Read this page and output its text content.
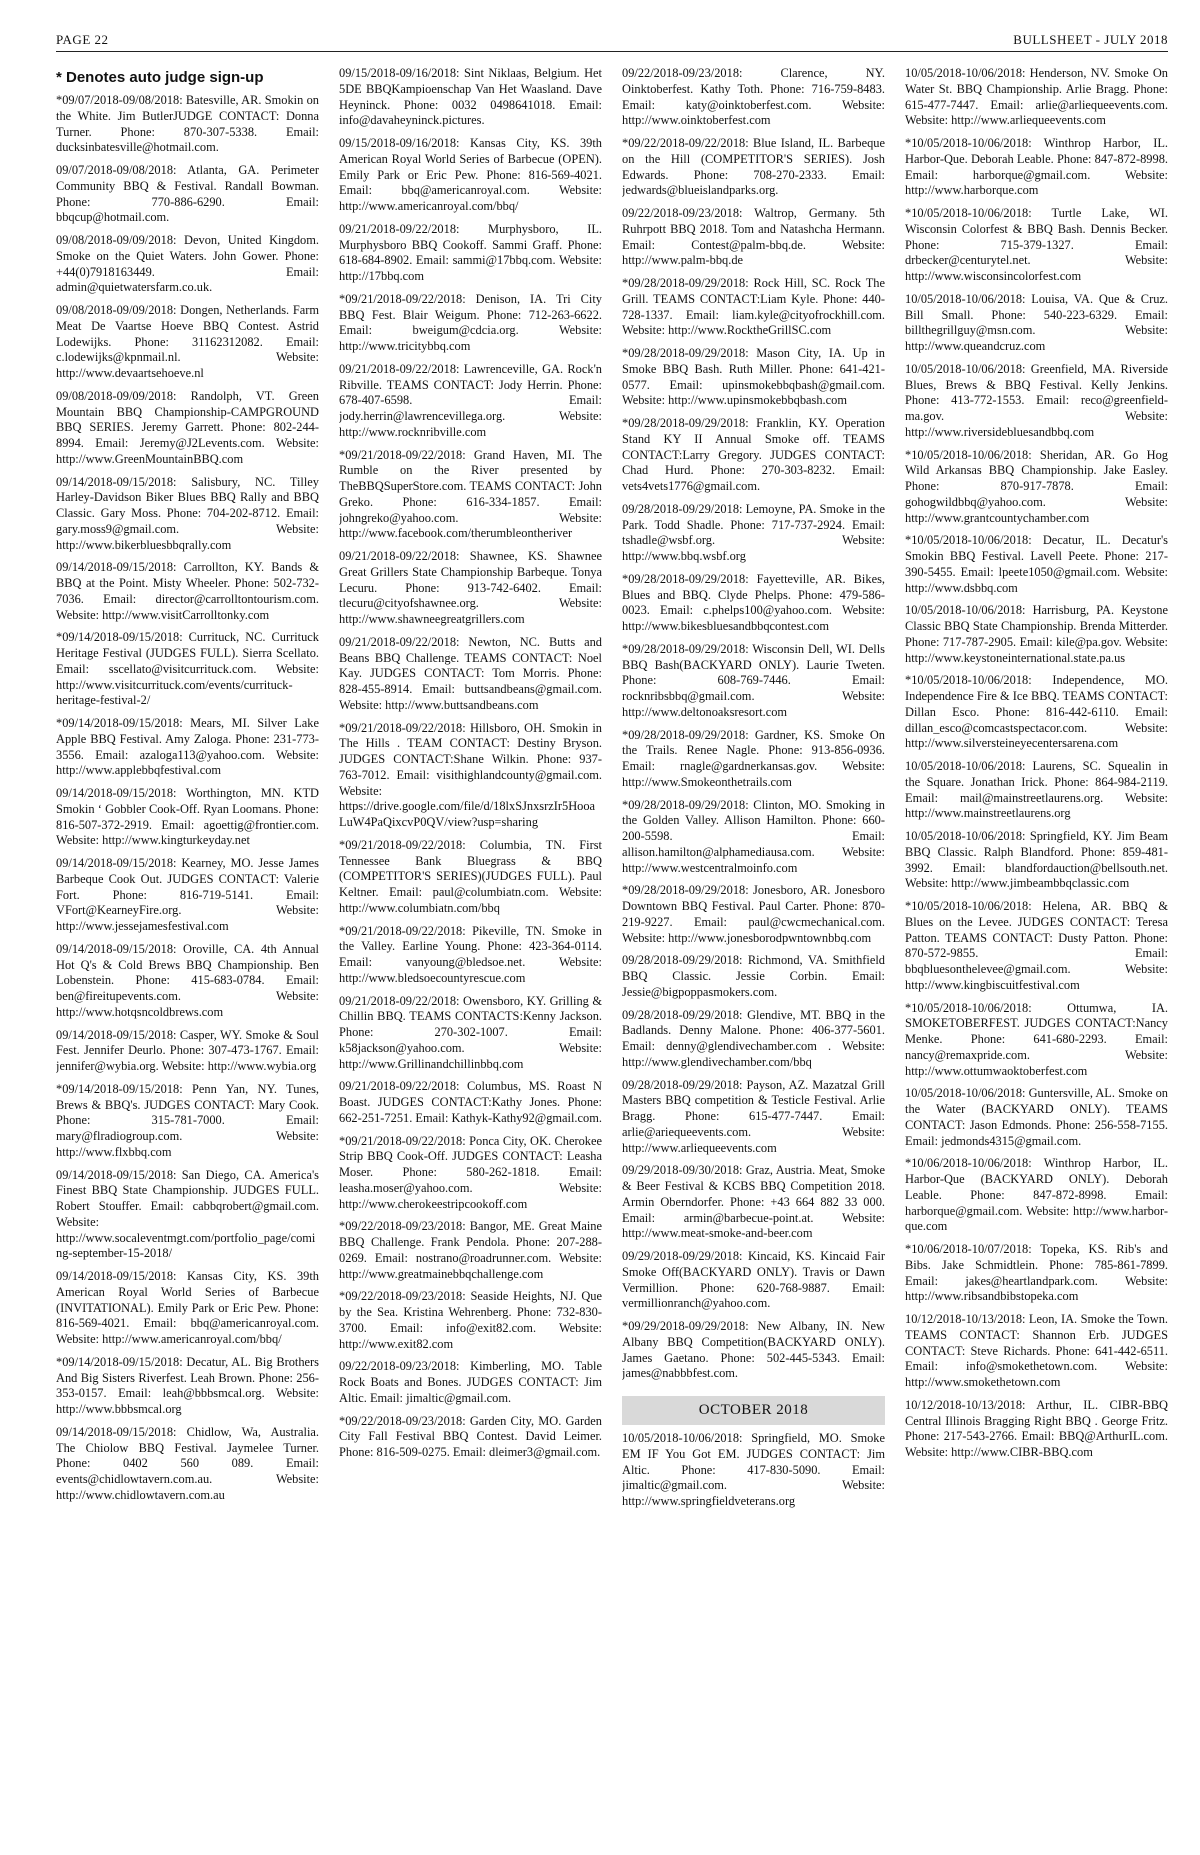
PAGE 22	BULLSHEET - JULY 2018
* Denotes auto judge sign-up

*09/07/2018-09/08/2018: Batesville, AR. Smokin on the White. Jim ButlerJUDGE CONTACT: Donna Turner. Phone: 870-307-5338. Email: ducksinbatesville@hotmail.com.

09/07/2018-09/08/2018: Atlanta, GA. Perimeter Community BBQ & Festival. Randall Bowman. Phone: 770-886-6290. Email: bbqcup@hotmail.com.

09/08/2018-09/09/2018: Devon, United Kingdom. Smoke on the Quiet Waters. John Gower. Phone: +44(0)7918163449. Email: admin@quietwatersfarm.co.uk.

09/08/2018-09/09/2018: Dongen, Netherlands. Farm Meat De Vaartse Hoeve BBQ Contest. Astrid Lodewijks. Phone: 31162312082. Email: c.lodewijks@kpnmail.nl. Website: http://www.devaartsehoeve.nl

09/08/2018-09/09/2018: Randolph, VT. Green Mountain BBQ Championship-CAMPGROUND BBQ SERIES. Jeremy Garrett. Phone: 802-244-8994. Email: Jeremy@J2Levents.com. Website: http://www.GreenMountainBBQ.com

09/14/2018-09/15/2018: Salisbury, NC. Tilley Harley-Davidson Biker Blues BBQ Rally and BBQ Classic. Gary Moss. Phone: 704-202-8712. Email: gary.moss9@gmail.com. Website: http://www.bikerbluesbbqrally.com

09/14/2018-09/15/2018: Carrollton, KY. Bands & BBQ at the Point. Misty Wheeler. Phone: 502-732-7036. Email: director@carrolltontourism.com. Website: http://www.visitCarrolltonky.com

*09/14/2018-09/15/2018: Currituck, NC. Currituck Heritage Festival (JUDGES FULL). Sierra Scellato. Email: sscellato@visitcurrituck.com. Website: http://www.visitcurrituck.com/events/currituck-heritage-festival-2/

*09/14/2018-09/15/2018: Mears, MI. Silver Lake Apple BBQ Festival. Amy Zaloga. Phone: 231-773-3556. Email: azaloga113@yahoo.com. Website: http://www.applebbqfestival.com

09/14/2018-09/15/2018: Worthington, MN. KTD Smokin ‘ Gobbler Cook-Off. Ryan Loomans. Phone: 816-507-372-2919. Email: agoettig@frontier.com. Website: http://www.kingturkeyday.net

09/14/2018-09/15/2018: Kearney, MO. Jesse James Barbeque Cook Out. JUDGES CONTACT: Valerie Fort. Phone: 816-719-5141. Email: VFort@KearneyFire.org. Website: http://www.jessejamesfestival.com

09/14/2018-09/15/2018: Oroville, CA. 4th Annual Hot Q's & Cold Brews BBQ Championship. Ben Lobenstein. Phone: 415-683-0784. Email: ben@fireitupevents.com. Website: http://www.hotqsncoldbrews.com

09/14/2018-09/15/2018: Casper, WY. Smoke & Soul Fest. Jennifer Deurlo. Phone: 307-473-1767. Email: jennifer@wybia.org. Website: http://www.wybia.org

*09/14/2018-09/15/2018: Penn Yan, NY. Tunes, Brews & BBQ's. JUDGES CONTACT: Mary Cook. Phone: 315-781-7000. Email: mary@flradiogroup.com. Website: http://www.flxbbq.com

09/14/2018-09/15/2018: San Diego, CA. America's Finest BBQ State Championship. JUDGES FULL. Robert Stouffer. Email: cabbqrobert@gmail.com. Website: http://www.socaleventmgt.com/portfolio_page/coming-september-15-2018/

09/14/2018-09/15/2018: Kansas City, KS. 39th American Royal World Series of Barbecue (INVITATIONAL). Emily Park or Eric Pew. Phone: 816-569-4021. Email: bbq@americanroyal.com. Website: http://www.americanroyal.com/bbq/

*09/14/2018-09/15/2018: Decatur, AL. Big Brothers And Big Sisters Riverfest. Leah Brown. Phone: 256-353-0157. Email: leah@bbbsmcal.org. Website: http://www.bbbsmcal.org

09/14/2018-09/15/2018: Chidlow, Wa, Australia. The Chiolow BBQ Festival. Jaymelee Turner. Phone: 0402 560 089. Email: events@chidlowtavern.com.au. Website: http://www.chidlowtavern.com.au

09/15/2018-09/16/2018: Sint Niklaas, Belgium. Het 5DE BBQKampioenschap Van Het Waasland. Dave Heyninck. Phone: 0032 0498641018. Email: info@davaheyninck.pictures.

09/15/2018-09/16/2018: Kansas City, KS. 39th American Royal World Series of Barbecue (OPEN). Emily Park or Eric Pew. Phone: 816-569-4021. Email: bbq@americanroyal.com. Website: http://www.americanroyal.com/bbq/

09/21/2018-09/22/2018: Murphysboro, IL. Murphysboro BBQ Cookoff. Sammi Graff. Phone: 618-684-8902. Email: sammi@17bbq.com. Website: http://17bbq.com

*09/21/2018-09/22/2018: Denison, IA. Tri City BBQ Fest. Blair Weigum. Phone: 712-263-6622. Email: bweigum@cdcia.org. Website: http://www.tricitybbq.com

09/21/2018-09/22/2018: Lawrenceville, GA. Rock'n Ribville. TEAMS CONTACT: Jody Herrin. Phone: 678-407-6598. Email: jody.herrin@lawrencevillega.org. Website: http://www.rocknribville.com

*09/21/2018-09/22/2018: Grand Haven, MI. The Rumble on the River presented by TheBBQSuperStore.com. TEAMS CONTACT: John Greko. Phone: 616-334-1857. Email: johngreko@yahoo.com. Website: http://www.facebook.com/therumbleontheriver

09/21/2018-09/22/2018: Shawnee, KS. Shawnee Great Grillers State Championship Barbeque. Tonya Lecuru. Phone: 913-742-6402. Email: tlecuru@cityofshawnee.org. Website: http://www.shawneegreatgrillers.com

09/21/2018-09/22/2018: Newton, NC. Butts and Beans BBQ Challenge. TEAMS CONTACT: Noel Kay. JUDGES CONTACT: Tom Morris. Phone: 828-455-8914. Email: buttsandbeans@gmail.com. Website: http://www.buttsandbeans.com

*09/21/2018-09/22/2018: Hillsboro, OH. Smokin in The Hills . TEAM CONTACT: Destiny Bryson. JUDGES CONTACT:Shane Wilkin. Phone: 937-763-7012. Email: visithighlandcounty@gmail.com. Website: https://drive.google.com/file/d/18lxSJnxsrzIr5HooaLuW4PaQixcvP0QV/view?usp=sharing

*09/21/2018-09/22/2018: Columbia, TN. First Tennessee Bank Bluegrass & BBQ (COMPETITOR'S SERIES)(JUDGES FULL). Paul Keltner. Email: paul@columbiatn.com. Website: http://www.columbiatn.com/bbq

*09/21/2018-09/22/2018: Pikeville, TN. Smoke in the Valley. Earline Young. Phone: 423-364-0114. Email: vanyoung@bledsoe.net. Website: http://www.bledsoecountyrescue.com

09/21/2018-09/22/2018: Owensboro, KY. Grilling & Chillin BBQ. TEAMS CONTACTS:Kenny Jackson. Phone: 270-302-1007. Email: k58jackson@yahoo.com. Website: http://www.Grillinandchillinbbq.com

09/21/2018-09/22/2018: Columbus, MS. Roast N Boast. JUDGES CONTACT:Kathy Jones. Phone: 662-251-7251. Email: Kathyk-Kathy92@gmail.com.

*09/21/2018-09/22/2018: Ponca City, OK. Cherokee Strip BBQ Cook-Off. JUDGES CONTACT: Leasha Moser. Phone: 580-262-1818. Email: leasha.moser@yahoo.com. Website: http://www.cherokeestripcookoff.com

*09/22/2018-09/23/2018: Bangor, ME. Great Maine BBQ Challenge. Frank Pendola. Phone: 207-288-0269. Email: nostrano@roadrunner.com. Website: http://www.greatmainebbqchallenge.com

*09/22/2018-09/23/2018: Seaside Heights, NJ. Que by the Sea. Kristina Wehrenberg. Phone: 732-830-3700. Email: info@exit82.com. Website: http://www.exit82.com

09/22/2018-09/23/2018: Kimberling, MO. Table Rock Boats and Bones. JUDGES CONTACT: Jim Altic. Email: jimaltic@gmail.com.

*09/22/2018-09/23/2018: Garden City, MO. Garden City Fall Festival BBQ Contest. David Leimer. Phone: 816-509-0275. Email: dleimer3@gmail.com.

09/22/2018-09/23/2018: Clarence, NY. Oinktoberfest. Kathy Toth. Phone: 716-759-8483. Email: katy@oinktoberfest.com. Website: http://www.oinktoberfest.com

*09/22/2018-09/22/2018: Blue Island, IL. Barbeque on the Hill (COMPETITOR'S SERIES). Josh Edwards. Phone: 708-270-2333. Email: jedwards@blueislandparks.org.

09/22/2018-09/23/2018: Waltrop, Germany. 5th Ruhrpott BBQ 2018. Tom and Natashcha Hermann. Email: Contest@palm-bbq.de. Website: http://www.palm-bbq.de

*09/28/2018-09/29/2018: Rock Hill, SC. Rock The Grill. TEAMS CONTACT:Liam Kyle. Phone: 440-728-1337. Email: liam.kyle@cityofrockhill.com. Website: http://www.RocktheGrillSC.com

*09/28/2018-09/29/2018: Mason City, IA. Up in Smoke BBQ Bash. Ruth Miller. Phone: 641-421-0577. Email: upinsmokebbqbash@gmail.com. Website: http://www.upinsmokebbqbash.com

*09/28/2018-09/29/2018: Franklin, KY. Operation Stand KY II Annual Smoke off. TEAMS CONTACT:Larry Gregory. JUDGES CONTACT: Chad Hurd. Phone: 270-303-8232. Email: vets4vets1776@gmail.com.

09/28/2018-09/29/2018: Lemoyne, PA. Smoke in the Park. Todd Shadle. Phone: 717-737-2924. Email: tshadle@wsbf.org. Website: http://www.bbq.wsbf.org

*09/28/2018-09/29/2018: Fayetteville, AR. Bikes, Blues and BBQ. Clyde Phelps. Phone: 479-586-0023. Email: c.phelps100@yahoo.com. Website: http://www.bikesbluesandbbqcontest.com

*09/28/2018-09/29/2018: Wisconsin Dell, WI. Dells BBQ Bash(BACKYARD ONLY). Laurie Tweten. Phone: 608-769-7446. Email: rocknribsbbq@gmail.com. Website: http://www.deltonoaksresort.com

*09/28/2018-09/29/2018: Gardner, KS. Smoke On the Trails. Renee Nagle. Phone: 913-856-0936. Email: rnagle@gardnerkansas.gov. Website: http://www.Smokeonthetrails.com

*09/28/2018-09/29/2018: Clinton, MO. Smoking in the Golden Valley. Allison Hamilton. Phone: 660-200-5598. Email: allison.hamilton@alphamediausa.com. Website: http://www.westcentralmoinfo.com

*09/28/2018-09/29/2018: Jonesboro, AR. Jonesboro Downtown BBQ Festival. Paul Carter. Phone: 870-219-9227. Email: paul@cwcmechanical.com. Website: http://www.jonesborodpwntownbbq.com

09/28/2018-09/29/2018: Richmond, VA. Smithfield BBQ Classic. Jessie Corbin. Email: Jessie@bigpoppasmokers.com.

09/28/2018-09/29/2018: Glendive, MT. BBQ in the Badlands. Denny Malone. Phone: 406-377-5601. Email: denny@glendivechamber.com . Website: http://www.glendivechamber.com/bbq

09/28/2018-09/29/2018: Payson, AZ. Mazatzal Grill Masters BBQ competition & Testicle Festival. Arlie Bragg. Phone: 615-477-7447. Email: arlie@ariequeevents.com. Website: http://www.arliequeevents.com

09/29/2018-09/30/2018: Graz, Austria. Meat, Smoke & Beer Festival & KCBS BBQ Competition 2018. Armin Oberndorfer. Phone: +43 664 882 33 000. Email: armin@barbecue-point.at. Website: http://www.meat-smoke-and-beer.com

09/29/2018-09/29/2018: Kincaid, KS. Kincaid Fair Smoke Off(BACKYARD ONLY). Travis or Dawn Vermillion. Phone: 620-768-9887. Email: vermillionranch@yahoo.com.

*09/29/2018-09/29/2018: New Albany, IN. New Albany BBQ Competition(BACKYARD ONLY). James Gaetano. Phone: 502-445-5343. Email: james@nabbbfest.com.

OCTOBER 2018

10/05/2018-10/06/2018: Springfield, MO. Smoke EM IF You Got EM. JUDGES CONTACT: Jim Altic. Phone: 417-830-5090. Email: jimaltic@gmail.com. Website: http://www.springfieldveterans.org

10/05/2018-10/06/2018: Henderson, NV. Smoke On Water St. BBQ Championship. Arlie Bragg. Phone: 615-477-7447. Email: arlie@arliequeevents.com. Website: http://www.arliequeevents.com

*10/05/2018-10/06/2018: Winthrop Harbor, IL. Harbor-Que. Deborah Leable. Phone: 847-872-8998. Email: harborque@gmail.com. Website: http://www.harborque.com

*10/05/2018-10/06/2018: Turtle Lake, WI. Wisconsin Colorfest & BBQ Bash. Dennis Becker. Phone: 715-379-1327. Email: drbecker@centurytel.net. Website: http://www.wisconsincolorfest.com

10/05/2018-10/06/2018: Louisa, VA. Que & Cruz. Bill Small. Phone: 540-223-6329. Email: billthegrillguy@msn.com. Website: http://www.queandcruz.com

10/05/2018-10/06/2018: Greenfield, MA. Riverside Blues, Brews & BBQ Festival. Kelly Jenkins. Phone: 413-772-1553. Email: reco@greenfield-ma.gov. Website: http://www.riversidebluesandbbq.com

*10/05/2018-10/06/2018: Sheridan, AR. Go Hog Wild Arkansas BBQ Championship. Jake Easley. Phone: 870-917-7878. Email: gohogwildbbq@yahoo.com. Website: http://www.grantcountychamber.com

*10/05/2018-10/06/2018: Decatur, IL. Decatur's Smokin BBQ Festival. Lavell Peete. Phone: 217-390-5455. Email: lpeete1050@gmail.com. Website: http://www.dsbbq.com

10/05/2018-10/06/2018: Harrisburg, PA. Keystone Classic BBQ State Championship. Brenda Mitterder. Phone: 717-787-2905. Email: kile@pa.gov. Website: http://www.keystoneinternational.state.pa.us

*10/05/2018-10/06/2018: Independence, MO. Independence Fire & Ice BBQ. TEAMS CONTACT: Dillan Esco. Phone: 816-442-6110. Email: dillan_esco@comcastspectacor.com. Website: http://www.silversteineyecentersarena.com

10/05/2018-10/06/2018: Laurens, SC. Squealin in the Square. Jonathan Irick. Phone: 864-984-2119. Email: mail@mainstreetlaurens.org. Website: http://www.mainstreetlaurens.org

10/05/2018-10/06/2018: Springfield, KY. Jim Beam BBQ Classic. Ralph Blandford. Phone: 859-481-3992. Email: blandfordauction@bellsouth.net. Website: http://www.jimbeambbqclassic.com

*10/05/2018-10/06/2018: Helena, AR. BBQ & Blues on the Levee. JUDGES CONTACT: Teresa Patton. TEAMS CONTACT: Dusty Patton. Phone: 870-572-9855. Email: bbqbluesonthelevee@gmail.com. Website: http://www.kingbiscuitfestival.com

*10/05/2018-10/06/2018: Ottumwa, IA. SMOKETOBERFEST. JUDGES CONTACT:Nancy Menke. Phone: 641-680-2293. Email: nancy@remaxpride.com. Website: http://www.ottumwaoktoberfest.com

10/05/2018-10/06/2018: Guntersville, AL. Smoke on the Water (BACKYARD ONLY). TEAMS CONTACT: Jason Edmonds. Phone: 256-558-7155. Email: jedmonds4315@gmail.com.

*10/06/2018-10/06/2018: Winthrop Harbor, IL. Harbor-Que (BACKYARD ONLY). Deborah Leable. Phone: 847-872-8998. Email: harborque@gmail.com. Website: http://www.harbor-que.com

*10/06/2018-10/07/2018: Topeka, KS. Rib's and Bibs. Jake Schmidtlein. Phone: 785-861-7899. Email: jakes@heartlandpark.com. Website: http://www.ribsandbibstopeka.com

10/12/2018-10/13/2018: Leon, IA. Smoke the Town. TEAMS CONTACT: Shannon Erb. JUDGES CONTACT: Steve Richards. Phone: 641-442-6511. Email: info@smokethetown.com. Website: http://www.smokethetown.com

10/12/2018-10/13/2018: Arthur, IL. CIBR-BBQ Central Illinois Bragging Right BBQ . George Fritz. Phone: 217-543-2766. Email: BBQ@ArthurIL.com. Website: http://www.CIBR-BBQ.com
